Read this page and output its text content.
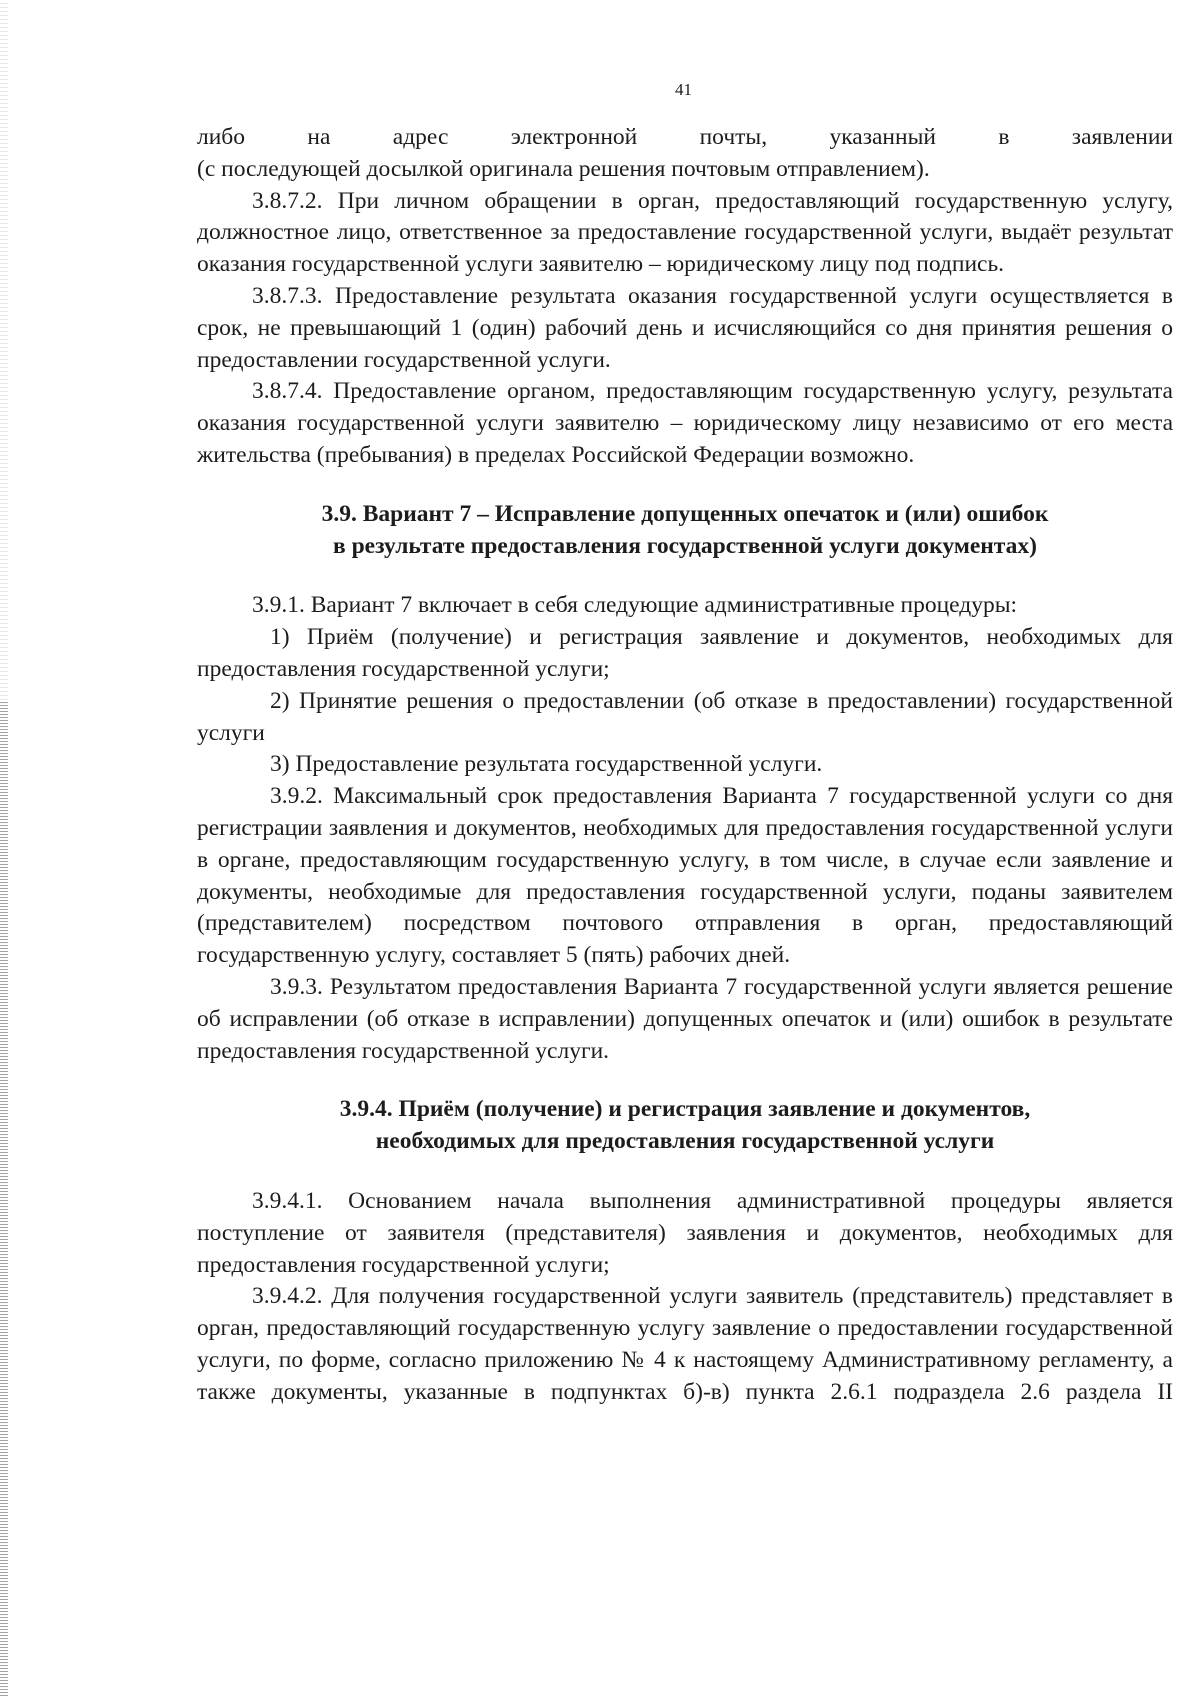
41

либо на адрес электронной почты, указанный в заявлении

(с последующей досылкой оригинала решения почтовым отправлением).

3.8.7.2. При личном обращении в орган, предоставляющий государственную услугу, должностное лицо, ответственное за предоставление государственной услуги, выдаёт результат оказания государственной услуги заявителю – юридическому лицу под подпись.

3.8.7.3. Предоставление результата оказания государственной услуги осуществляется в срок, не превышающий 1 (один) рабочий день и исчисляющийся со дня принятия решения о предоставлении государственной услуги.

3.8.7.4. Предоставление органом, предоставляющим государственную услугу, результата оказания государственной услуги заявителю – юридическому лицу независимо от его места жительства (пребывания) в пределах Российской Федерации возможно.

3.9. Вариант 7 – Исправление допущенных опечаток и (или) ошибок
в результате предоставления государственной услуги документах)

3.9.1. Вариант 7 включает в себя следующие административные процедуры:

1) Приём (получение) и регистрация заявление и документов, необходимых для предоставления государственной услуги;

2) Принятие решения о предоставлении (об отказе в предоставлении) государственной услуги

3) Предоставление результата государственной услуги.

3.9.2. Максимальный срок предоставления Варианта 7 государственной услуги со дня регистрации заявления и документов, необходимых для предоставления государственной услуги в органе, предоставляющим государственную услугу, в том числе, в случае если заявление и документы, необходимые для предоставления государственной услуги, поданы заявителем (представителем) посредством почтового отправления в орган, предоставляющий государственную услугу, составляет 5 (пять) рабочих дней.

3.9.3. Результатом предоставления Варианта 7 государственной услуги является решение об исправлении (об отказе в исправлении) допущенных опечаток и (или) ошибок в результате предоставления государственной услуги.

3.9.4. Приём (получение) и регистрация заявление и документов,
необходимых для предоставления государственной услуги

3.9.4.1. Основанием начала выполнения административной процедуры является поступление от заявителя (представителя) заявления и документов, необходимых для предоставления государственной услуги;

3.9.4.2. Для получения государственной услуги заявитель (представитель) представляет в орган, предоставляющий государственную услугу заявление о предоставлении государственной услуги, по форме, согласно приложению № 4 к настоящему Административному регламенту, а также документы, указанные в подпунктах б)-в) пункта 2.6.1 подраздела 2.6 раздела II
